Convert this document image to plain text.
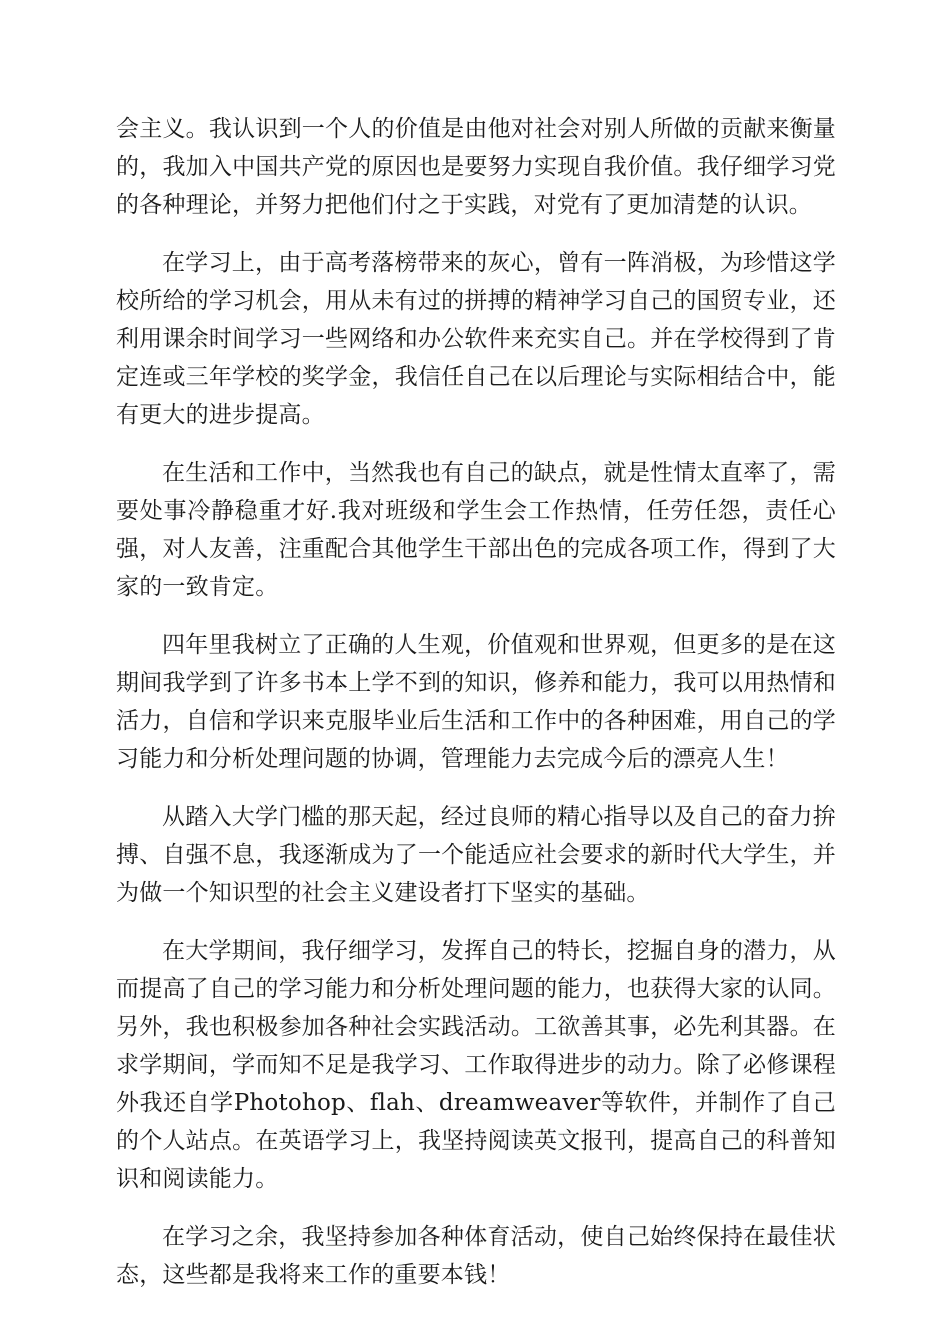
会主义。我认识到一个人的价值是由他对社会对别人所做的贡献来衡量的，我加入中国共产党的原因也是要努力实现自我价值。我仔细学习党的各种理论，并努力把他们付之于实践，对党有了更加清楚的认识。

在学习上，由于高考落榜带来的灰心，曾有一阵消极，为珍惜这学校所给的学习机会，用从未有过的拼搏的精神学习自己的国贸专业，还利用课余时间学习一些网络和办公软件来充实自己。并在学校得到了肯定连或三年学校的奖学金，我信任自己在以后理论与实际相结合中，能有更大的进步提高。

在生活和工作中，当然我也有自己的缺点，就是性情太直率了，需要处事冷静稳重才好.我对班级和学生会工作热情，任劳任怨，责任心强，对人友善，注重配合其他学生干部出色的完成各项工作，得到了大家的一致肯定。

四年里我树立了正确的人生观，价值观和世界观，但更多的是在这期间我学到了许多书本上学不到的知识，修养和能力，我可以用热情和活力，自信和学识来克服毕业后生活和工作中的各种困难，用自己的学习能力和分析处理问题的协调，管理能力去完成今后的漂亮人生！

从踏入大学门槛的那天起，经过良师的精心指导以及自己的奋力拚搏、自强不息，我逐渐成为了一个能适应社会要求的新时代大学生，并为做一个知识型的社会主义建设者打下坚实的基础。

在大学期间，我仔细学习，发挥自己的特长，挖掘自身的潜力，从而提高了自己的学习能力和分析处理问题的能力，也获得大家的认同。另外，我也积极参加各种社会实践活动。工欲善其事，必先利其器。在求学期间，学而知不足是我学习、工作取得进步的动力。除了必修课程外我还自学Photohop、flah、dreamweaver等软件，并制作了自己的个人站点。在英语学习上，我坚持阅读英文报刊，提高自己的科普知识和阅读能力。

在学习之余，我坚持参加各种体育活动，使自己始终保持在最佳状态，这些都是我将来工作的重要本钱！
